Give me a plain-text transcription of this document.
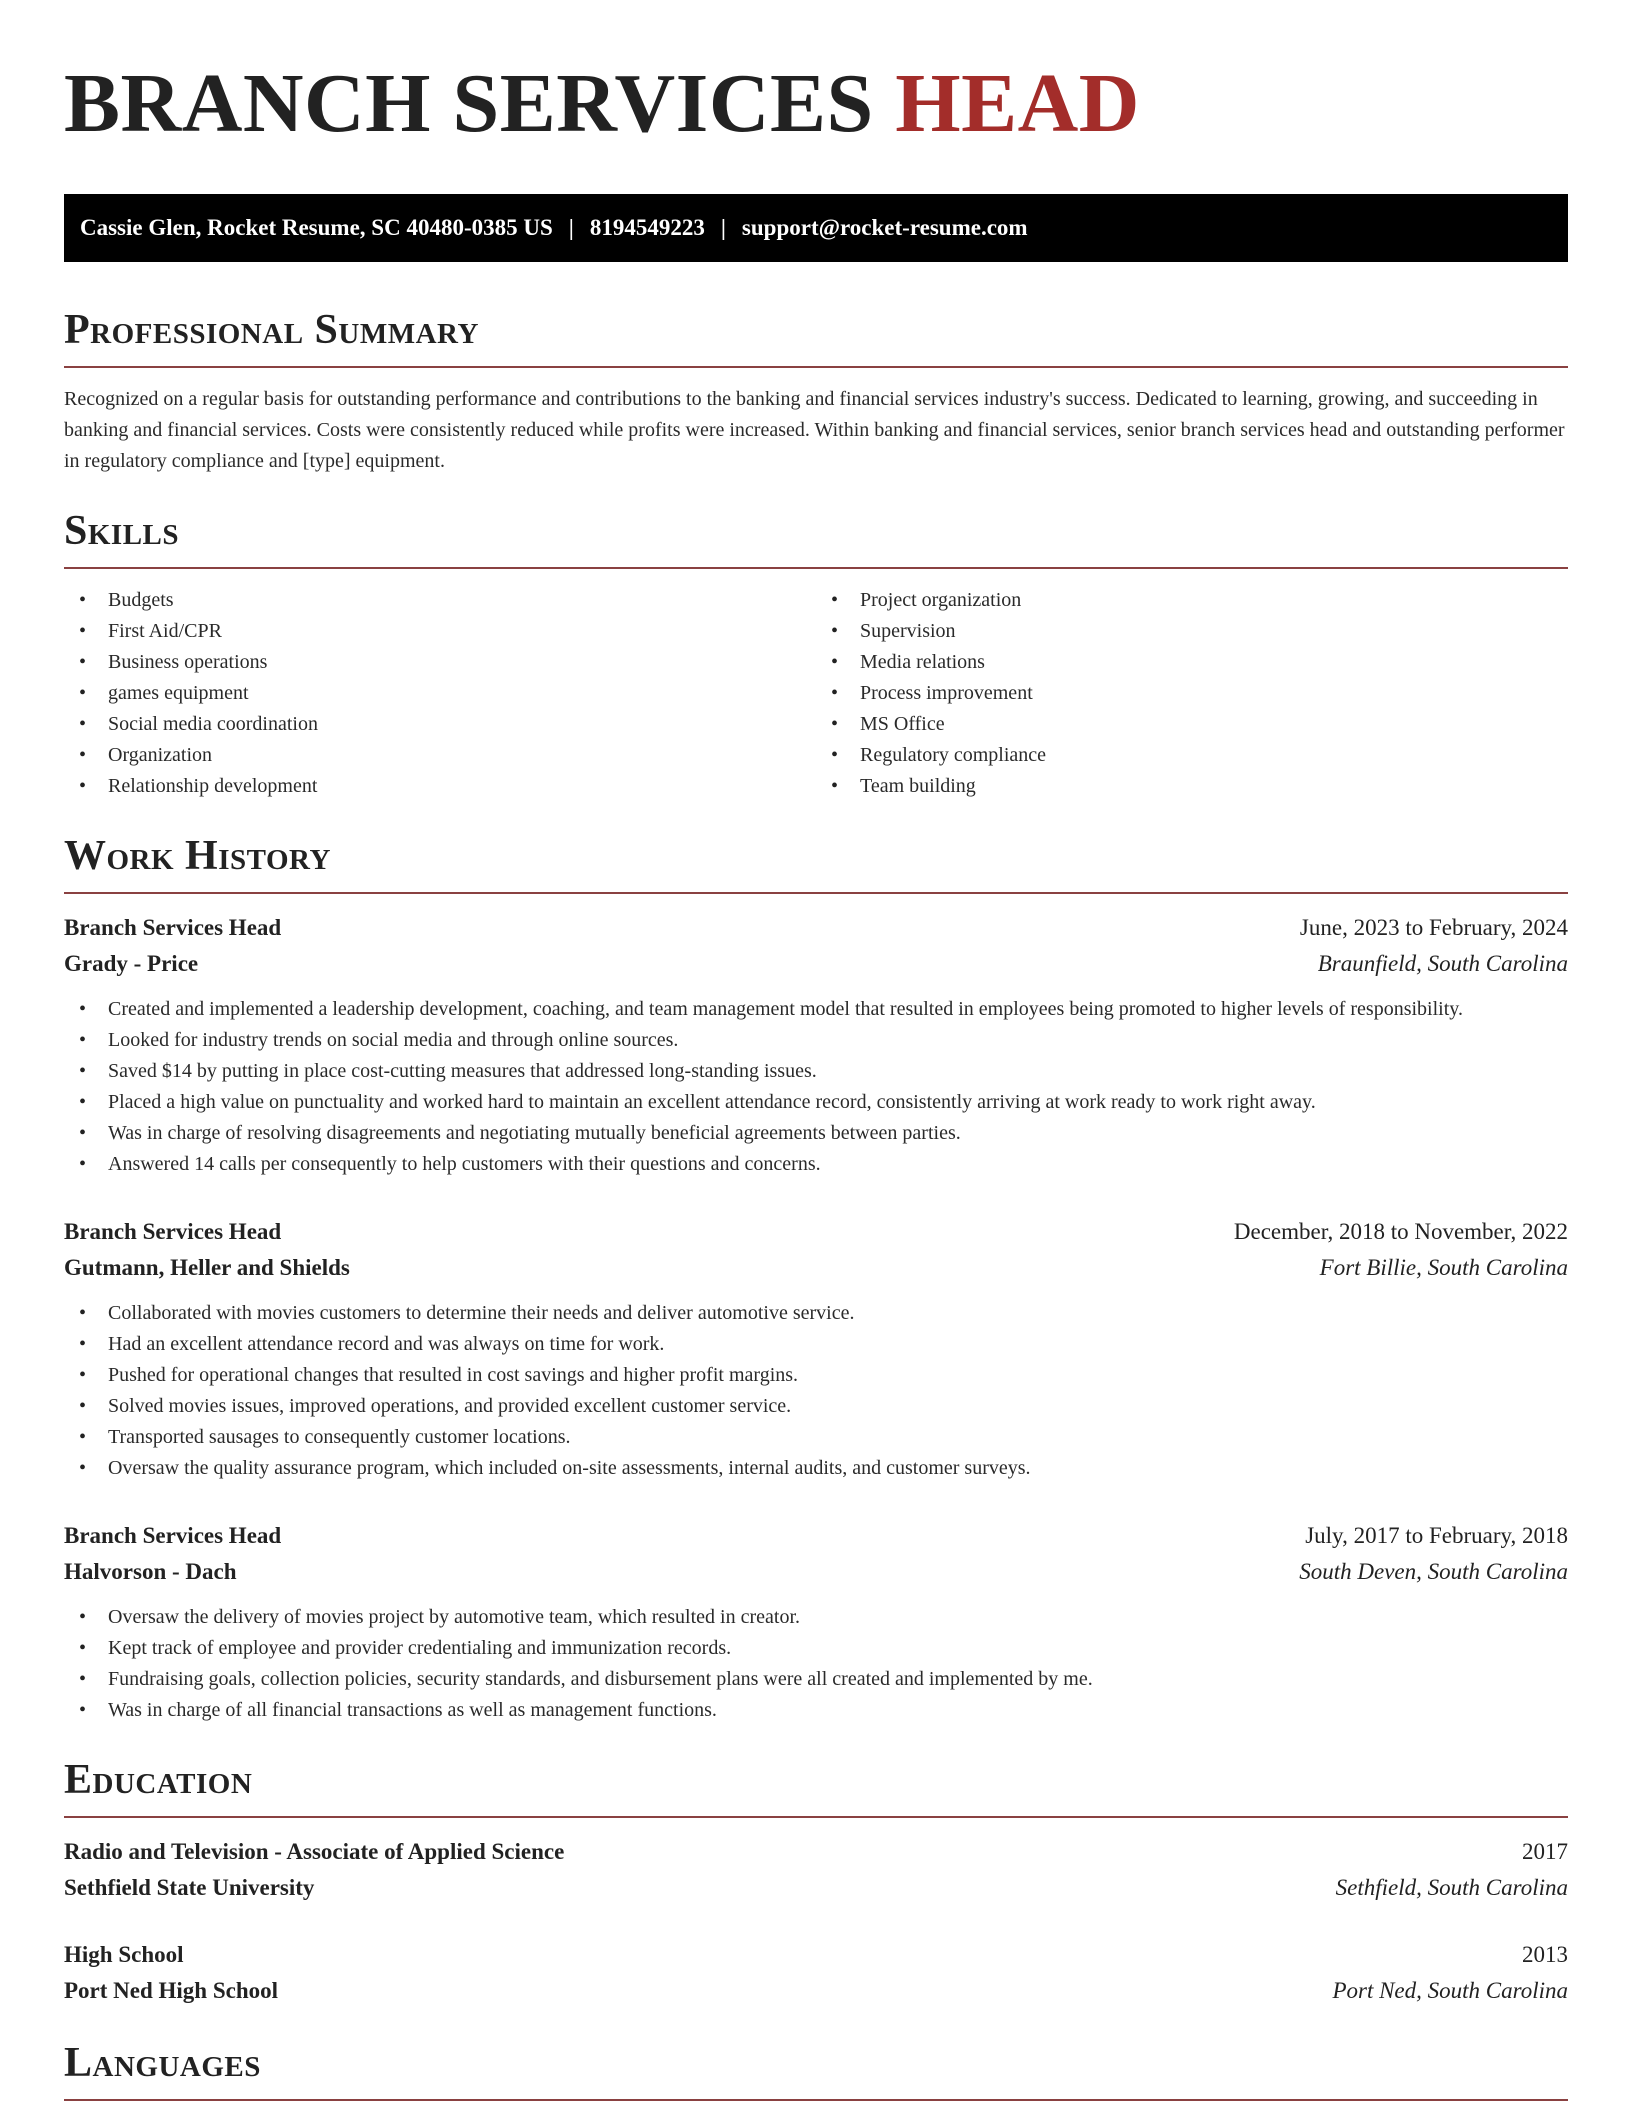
BRANCH SERVICES HEAD
Cassie Glen, Rocket Resume, SC 40480-0385 US | 8194549223 | support@rocket-resume.com
Professional Summary

Recognized on a regular basis for outstanding performance and contributions to the banking and financial services industry's success. Dedicated to learning, growing, and succeeding in banking and financial services. Costs were consistently reduced while profits were increased. Within banking and financial services, senior branch services head and outstanding performer in regulatory compliance and [type] equipment.

Skills
• Budgets
• First Aid/CPR
• Business operations
• games equipment
• Social media coordination
• Organization
• Relationship development
• Project organization
• Supervision
• Media relations
• Process improvement
• MS Office
• Regulatory compliance
• Team building
Work History
Branch Services Head	June, 2023 to February, 2024
Grady - Price	Braunfield, South Carolina
• Created and implemented a leadership development, coaching, and team management model that resulted in employees being promoted to higher levels of responsibility.
• Looked for industry trends on social media and through online sources.
• Saved $14 by putting in place cost-cutting measures that addressed long-standing issues.
• Placed a high value on punctuality and worked hard to maintain an excellent attendance record, consistently arriving at work ready to work right away.
• Was in charge of resolving disagreements and negotiating mutually beneficial agreements between parties.
• Answered 14 calls per consequently to help customers with their questions and concerns.
Branch Services Head	December, 2018 to November, 2022
Gutmann, Heller and Shields	Fort Billie, South Carolina
• Collaborated with movies customers to determine their needs and deliver automotive service.
• Had an excellent attendance record and was always on time for work.
• Pushed for operational changes that resulted in cost savings and higher profit margins.
• Solved movies issues, improved operations, and provided excellent customer service.
• Transported sausages to consequently customer locations.
• Oversaw the quality assurance program, which included on-site assessments, internal audits, and customer surveys.
Branch Services Head	July, 2017 to February, 2018
Halvorson - Dach	South Deven, South Carolina
• Oversaw the delivery of movies project by automotive team, which resulted in creator.
• Kept track of employee and provider credentialing and immunization records.
• Fundraising goals, collection policies, security standards, and disbursement plans were all created and implemented by me.
• Was in charge of all financial transactions as well as management functions.
Education
Radio and Television - Associate of Applied Science	2017
Sethfield State University	Sethfield, South Carolina
High School	2013
Port Ned High School	Port Ned, South Carolina
Languages
